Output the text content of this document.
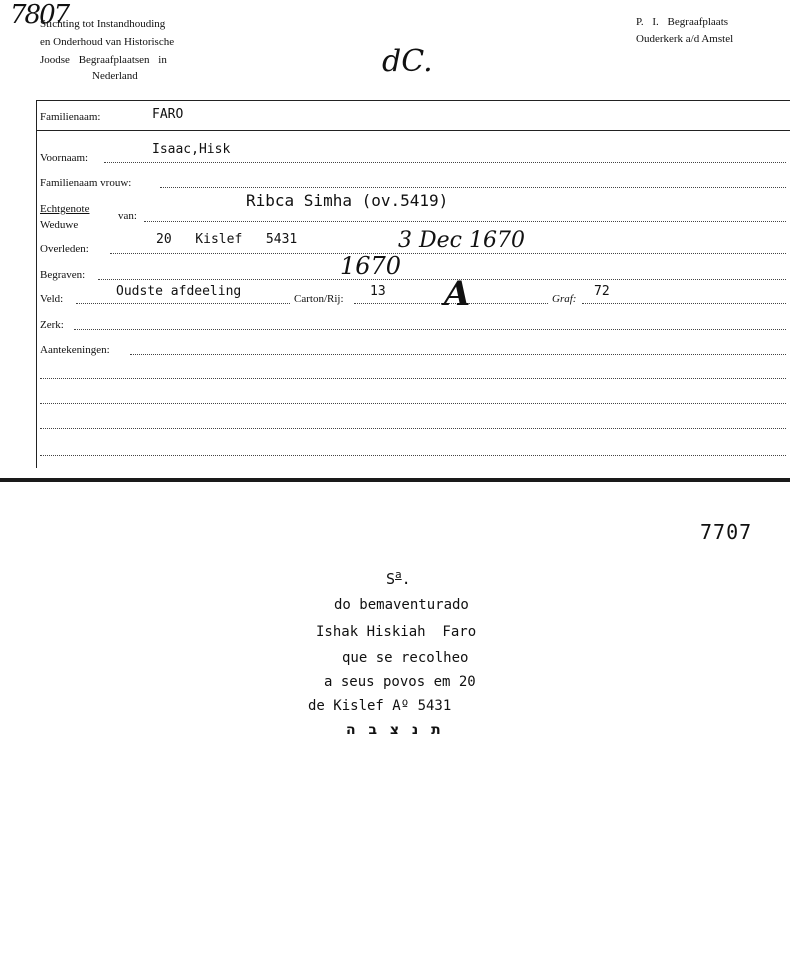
7807
Stichting tot Instandhouding
en Onderhoud van Historische
Joodse Begraafplaatsen in
Nederland
P. I. Begraafplaats
Ouderkerk a/d Amstel
dC.
Familienaam:	FARO
Voornaam:
Isaac,Hisk
Familienaam vrouw:
Echtgenote
Weduwe
van:
Ribca Simha (ov.5419)
Overleden:
20  Kislef  5431	3 Dec 1670
Begraven:	1670
Veld:	Oudste afdeeling	Carton/Rij: 13 A	Graf: 72
Zerk:
Aantekeningen:
7707
$S^a$.
do bemaventurado
Ishak Hiskiah  Faro
que se recolheo
a seus povos em 20
de Kislef Aº 5431
ת נ צ ב ה
